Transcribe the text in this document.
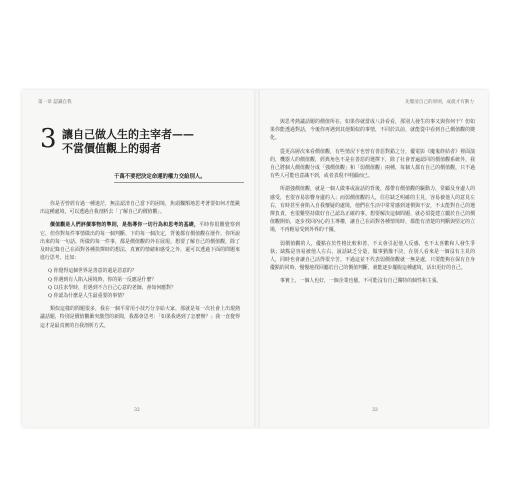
第一章 認識自我
3 讓自己做人生的主宰者——
不當價值觀上的弱者
千萬不要把決定命運的權力交給別人。

你是否曾經有過一種迷茫，無法認清自己當下的困境，焦頭爛額地思考著要如何才能跳出這種處境，可以透過自我剖析去「了解自己的價值觀」。

價值觀是人們評價事物的準則，是指導你一切行為和思考的基礎，平時你很難覺察到它，但你對每件事情做出的每一個判斷、下的每一個決定，背後都有價值觀在運作。你所說出來的每一句話、所做的每一件事，都是價值觀的外在展現。想要了解自己的價值觀，除了及時記錄自己在面對各種抉擇時的想法、真實的情緒和感受之外，還可以透過下面的問題來進行思考，比如：

Q 你覺得這個世界是善意的還是惡意的？

Q 你遇到有人陷入困境時，你的第一反應是什麼？

Q 以往求學時，若遇到不合自己心意的老師，會如何應對？

Q 你認為什麼是人生最重要的事情？

類似這樣的問題很多，我在一個平常用小技巧分享給大家，那就是每一次社會上出現熱議話題，特別是價值觀衝突激烈的新聞，我都會思考：「如果我遇到了怎麼辦？」我一直覺得這才是最真實的自我剖析方式。

32
先釐清自己的原則，成就才有動力

與思考熱議話題的價值所在，如果你就當成八卦看看，那別人發生的事又與你何干？但如果你能透過對話，今後你再遇到其他類似的事情，不同於以前，就能從中看到自己價值觀的變化。

從更高層次來看價值觀，有些情況下也曾有善惡對錯之分，優電影《魔鬼終結者》裡面演的，機器人的價值觀，經典角色不是在善惡的選擇下，除了社會普遍認同的價值觀系統外，我自己將個人價值觀分成「強價值觀」和「弱價值觀」兩種，每個人都有自己的價值觀，只不過有些人可能也意識不到，或者表現不明顯而已。

所謂強價值觀，就是一個人做事或說話的背後，都帶有價值觀的驅動力，常顧及身邊人的感受，也很容易影響身邊的人；而弱價值觀的人，往往缺乏明確的主見，容易被他人的意見左右，有時甚至會陷入自我懷疑的處境，他們在生活中常常感到迷惘與不安，不太能對自己的選擇負責，也很難堅持做好自己認為正確的事。想要解決這個問題，就必須從建立屬於自己的價值觀開始，逐步找回內心的主導權，讓自己在面對各種情境時，都能有清楚的判斷與堅定的立場，不再輕易受到外界的干擾。

弱價值觀的人，優點在於性格比較和善，不太會引起他人反感，也不太喜歡和人發生爭執；缺點是容易被他人左右，說話缺乏分量，做事猶豫不決，在別人看來是一個沒有主見的人，同時也會讓自己活得很辛苦。不過這並不代表弱價值觀就一無是處，只要能夠在保有自身優點的同時，慢慢地找回屬於自己的價值判斷，就能逐步擺脫這種處境，活出更好的自己。

事實上，一個人也好，一個企業也罷，不可能沒有自己獨特的個性和主張。

33
